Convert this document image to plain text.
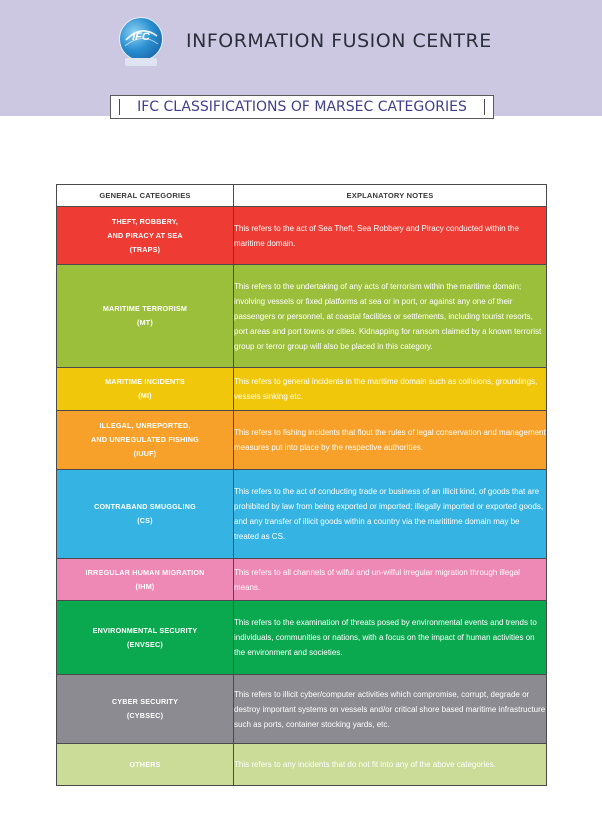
IFC INFORMATION FUSION CENTRE
IFC CLASSIFICATIONS OF MARSEC CATEGORIES
GENERAL CATEGORIES	EXPLANATORY NOTES

THEFT, ROBBERY,
AND PIRACY AT SEA
(TRAPS)	This refers to the act of Sea Theft, Sea Robbery and Piracy conducted within the maritime domain.

MARITIME TERRORISM
(MT)	This refers to the undertaking of any acts of terrorism within the maritime domain; involving vessels or fixed platforms at sea or in port, or against any one of their passengers or personnel, at coastal facilities or settlements, including tourist resorts, port areas and port towns or cities. Kidnapping for ransom claimed by a known terrorist group or terror group will also be placed in this category.

MARITIME INCIDENTS
(MI)	This refers to general incidents in the maritime domain such as collisions, groundings, vessels sinking etc.

ILLEGAL, UNREPORTED,
AND UNREGULATED FISHING
(IUUF)	This refers to fishing incidents that flout the rules of legal conservation and management measures put into place by the respective authorities.

CONTRABAND SMUGGLING
(CS)	This refers to the act of conducting trade or business of an illicit kind, of goods that are prohibited by law from being exported or imported; illegally imported or exported goods, and any transfer of illicit goods within a country via the marititime domain may be treated as CS.

IRREGULAR HUMAN MIGRATION
(IHM)	This refers to all channels of wilful and un-wilful irregular migration through illegal means.

ENVIRONMENTAL SECURITY
(ENVSEC)	This refers to the examination of threats posed by environmental events and trends to individuals, communities or nations, with a focus on the impact of human activities on the environment and societies.

CYBER SECURITY
(CYBSEC)	This refers to illicit cyber/computer activities which compromise, corrupt, degrade or destroy important systems on vessels and/or critical shore based maritime infrastructure such as ports, container stocking yards, etc.

OTHERS	This refers to any incidents that do not fit into any of the above categories.
